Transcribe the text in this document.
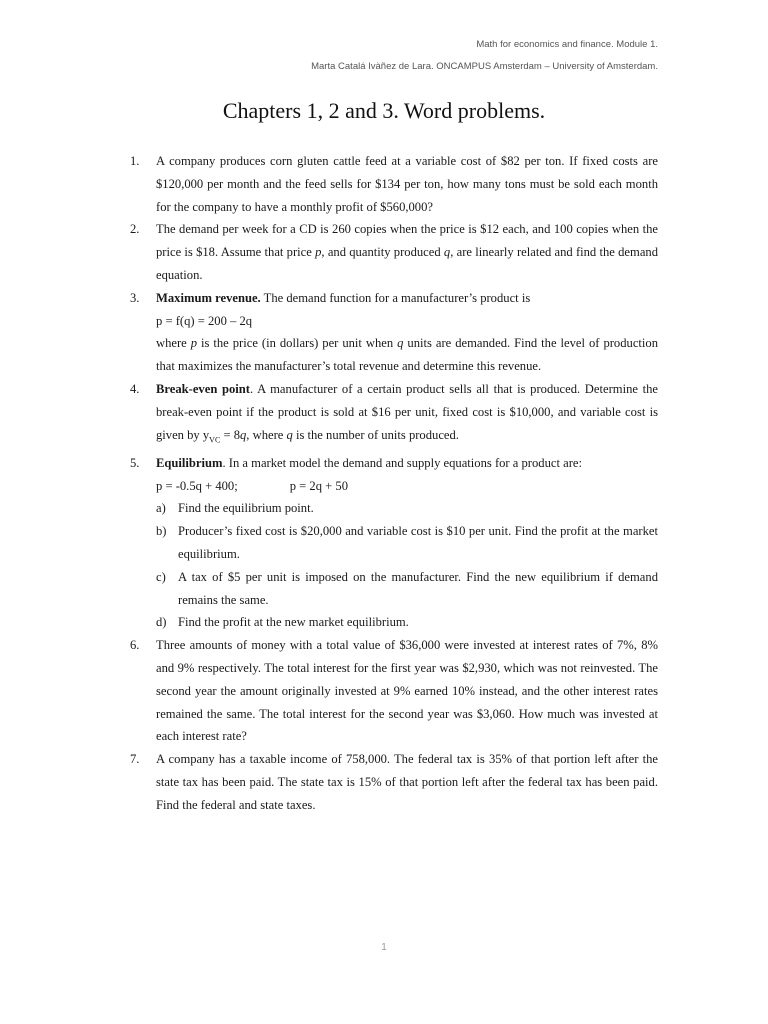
Math for economics and finance. Module 1.
Marta Catalá Ivàñez de Lara. ONCAMPUS Amsterdam – University of Amsterdam.
Chapters 1, 2 and 3. Word problems.
1. A company produces corn gluten cattle feed at a variable cost of $82 per ton. If fixed costs are $120,000 per month and the feed sells for $134 per ton, how many tons must be sold each month for the company to have a monthly profit of $560,000?
2. The demand per week for a CD is 260 copies when the price is $12 each, and 100 copies when the price is $18. Assume that price p, and quantity produced q, are linearly related and find the demand equation.
3. Maximum revenue. The demand function for a manufacturer’s product is
p = f(q) = 200 – 2q
where p is the price (in dollars) per unit when q units are demanded. Find the level of production that maximizes the manufacturer’s total revenue and determine this revenue.
4. Break-even point. A manufacturer of a certain product sells all that is produced. Determine the break-even point if the product is sold at $16 per unit, fixed cost is $10,000, and variable cost is given by $y_{VC} = 8q$, where q is the number of units produced.
5. Equilibrium. In a market model the demand and supply equations for a product are:
p = -0.5q + 400;	p = 2q + 50
a) Find the equilibrium point.
b) Producer’s fixed cost is $20,000 and variable cost is $10 per unit. Find the profit at the market equilibrium.
c) A tax of $5 per unit is imposed on the manufacturer. Find the new equilibrium if demand remains the same.
d) Find the profit at the new market equilibrium.
6. Three amounts of money with a total value of $36,000 were invested at interest rates of 7%, 8% and 9% respectively. The total interest for the first year was $2,930, which was not reinvested. The second year the amount originally invested at 9% earned 10% instead, and the other interest rates remained the same. The total interest for the second year was $3,060. How much was invested at each interest rate?
7. A company has a taxable income of 758,000. The federal tax is 35% of that portion left after the state tax has been paid. The state tax is 15% of that portion left after the federal tax has been paid. Find the federal and state taxes.
1
